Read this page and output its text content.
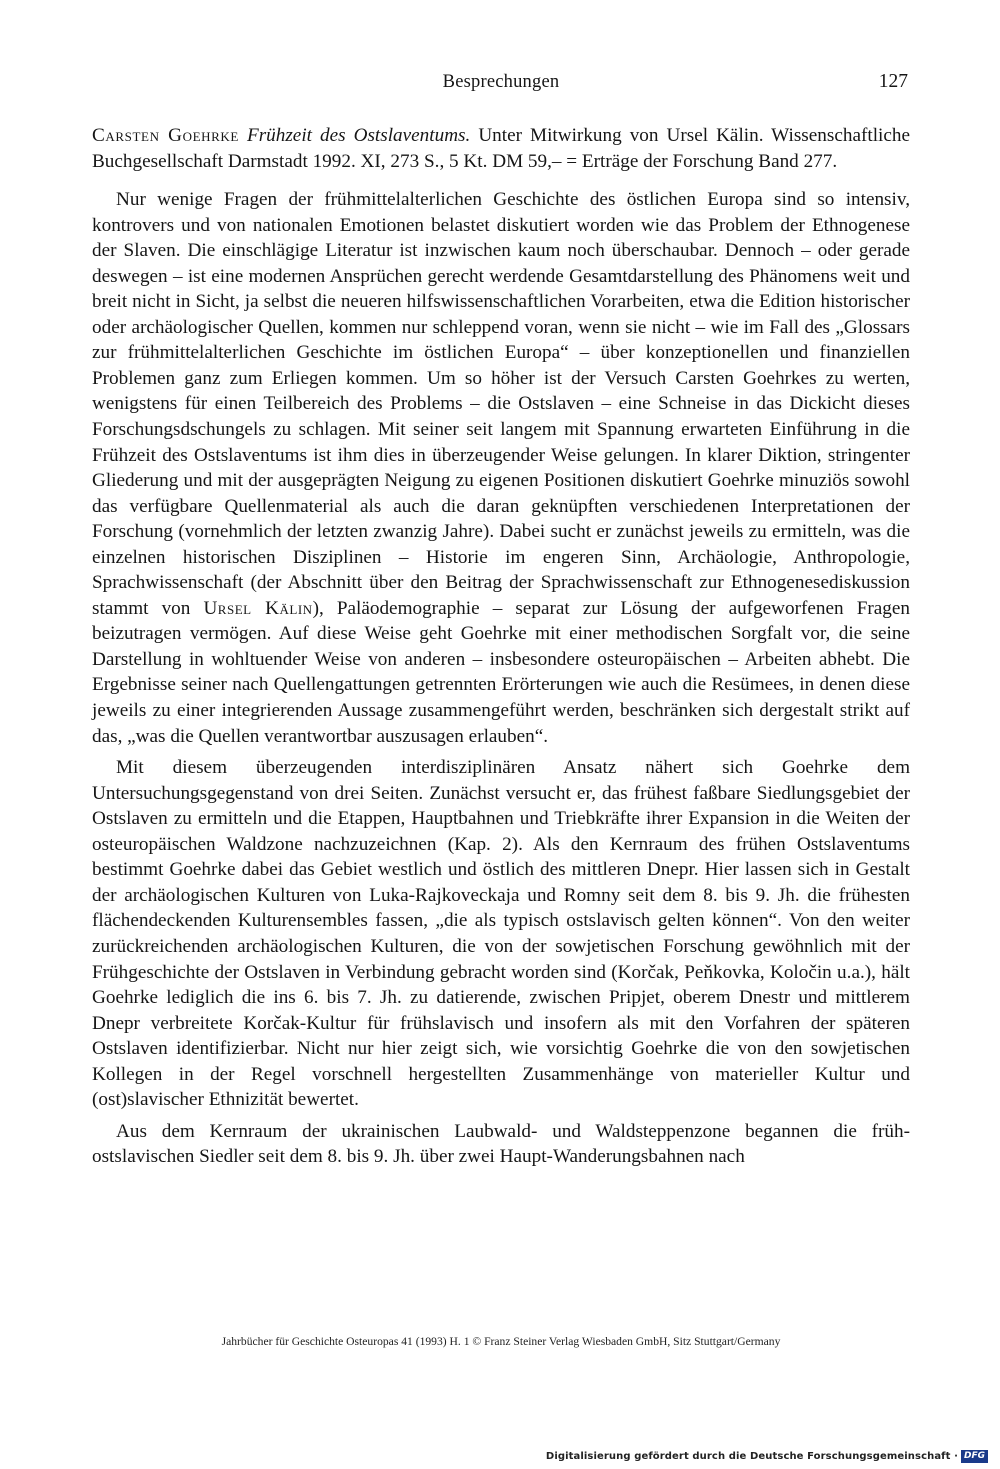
Besprechungen	127

Carsten Goehrke Frühzeit des Ostslaventums. Unter Mitwirkung von Ursel Kälin. Wissenschaftliche Buchgesellschaft Darmstadt 1992. XI, 273 S., 5 Kt. DM 59,– = Erträge der Forschung Band 277.

Nur wenige Fragen der frühmittelalterlichen Geschichte des östlichen Europa sind so intensiv, kontrovers und von nationalen Emotionen belastet diskutiert worden wie das Problem der Ethnogenese der Slaven. Die einschlägige Literatur ist inzwischen kaum noch überschaubar. Dennoch – oder gerade deswegen – ist eine modernen Ansprüchen gerecht werdende Gesamtdarstellung des Phänomens weit und breit nicht in Sicht, ja selbst die neueren hilfswissenschaftlichen Vorarbeiten, etwa die Edition historischer oder archäologischer Quellen, kommen nur schleppend voran, wenn sie nicht – wie im Fall des „Glossars zur frühmittelalterlichen Geschichte im östlichen Europa“ – über konzeptionellen und finanziellen Problemen ganz zum Erliegen kommen. Um so höher ist der Versuch Carsten Goehrkes zu werten, wenigstens für einen Teilbereich des Problems – die Ostslaven – eine Schneise in das Dickicht dieses Forschungsdschungels zu schlagen. Mit seiner seit langem mit Spannung erwarteten Einführung in die Frühzeit des Ostslaventums ist ihm dies in überzeugender Weise gelungen. In klarer Diktion, stringenter Gliederung und mit der ausgeprägten Neigung zu eigenen Positionen diskutiert Goehrke minuziös sowohl das verfügbare Quellenmaterial als auch die daran geknüpften verschiedenen Interpretationen der Forschung (vornehmlich der letzten zwanzig Jahre). Dabei sucht er zunächst jeweils zu ermitteln, was die einzelnen historischen Disziplinen – Historie im engeren Sinn, Archäologie, Anthropologie, Sprachwissenschaft (der Abschnitt über den Beitrag der Sprachwissenschaft zur Ethnogenesediskussion stammt von Ursel Kälin), Paläodemographie – separat zur Lösung der aufgeworfenen Fragen beizutragen vermögen. Auf diese Weise geht Goehrke mit einer methodischen Sorgfalt vor, die seine Darstellung in wohltuender Weise von anderen – insbesondere osteuropäischen – Arbeiten abhebt. Die Ergebnisse seiner nach Quellengattungen getrennten Erörterungen wie auch die Resümees, in denen diese jeweils zu einer integrierenden Aussage zusammengeführt werden, beschränken sich dergestalt strikt auf das, „was die Quellen verantwortbar auszusagen erlauben“.

Mit diesem überzeugenden interdisziplinären Ansatz nähert sich Goehrke dem Untersuchungsgegenstand von drei Seiten. Zunächst versucht er, das frühest faßbare Siedlungsgebiet der Ostslaven zu ermitteln und die Etappen, Hauptbahnen und Triebkräfte ihrer Expansion in die Weiten der osteuropäischen Waldzone nachzuzeichnen (Kap. 2). Als den Kernraum des frühen Ostslaventums bestimmt Goehrke dabei das Gebiet westlich und östlich des mittleren Dnepr. Hier lassen sich in Gestalt der archäologischen Kulturen von Luka-Rajkoveckaja und Romny seit dem 8. bis 9. Jh. die frühesten flächendeckenden Kulturensembles fassen, „die als typisch ostslavisch gelten können“. Von den weiter zurückreichenden archäologischen Kulturen, die von der sowjetischen Forschung gewöhnlich mit der Frühgeschichte der Ostslaven in Verbindung gebracht worden sind (Korčak, Peňkovka, Koločin u.a.), hält Goehrke lediglich die ins 6. bis 7. Jh. zu datierende, zwischen Pripjet, oberem Dnestr und mittlerem Dnepr verbreitete Korčak-Kultur für frühslavisch und insofern als mit den Vorfahren der späteren Ostslaven identifizierbar. Nicht nur hier zeigt sich, wie vorsichtig Goehrke die von den sowjetischen Kollegen in der Regel vorschnell hergestellten Zusammenhänge von materieller Kultur und (ost)slavischer Ethnizität bewertet.

Aus dem Kernraum der ukrainischen Laubwald- und Waldsteppenzone begannen die früh-ostslavischen Siedler seit dem 8. bis 9. Jh. über zwei Haupt-Wanderungsbahnen nach

Jahrbücher für Geschichte Osteuropas 41 (1993) H. 1 © Franz Steiner Verlag Wiesbaden GmbH, Sitz Stuttgart/Germany
Digitalisierung gefördert durch die Deutsche Forschungsgemeinschaft · DFG
